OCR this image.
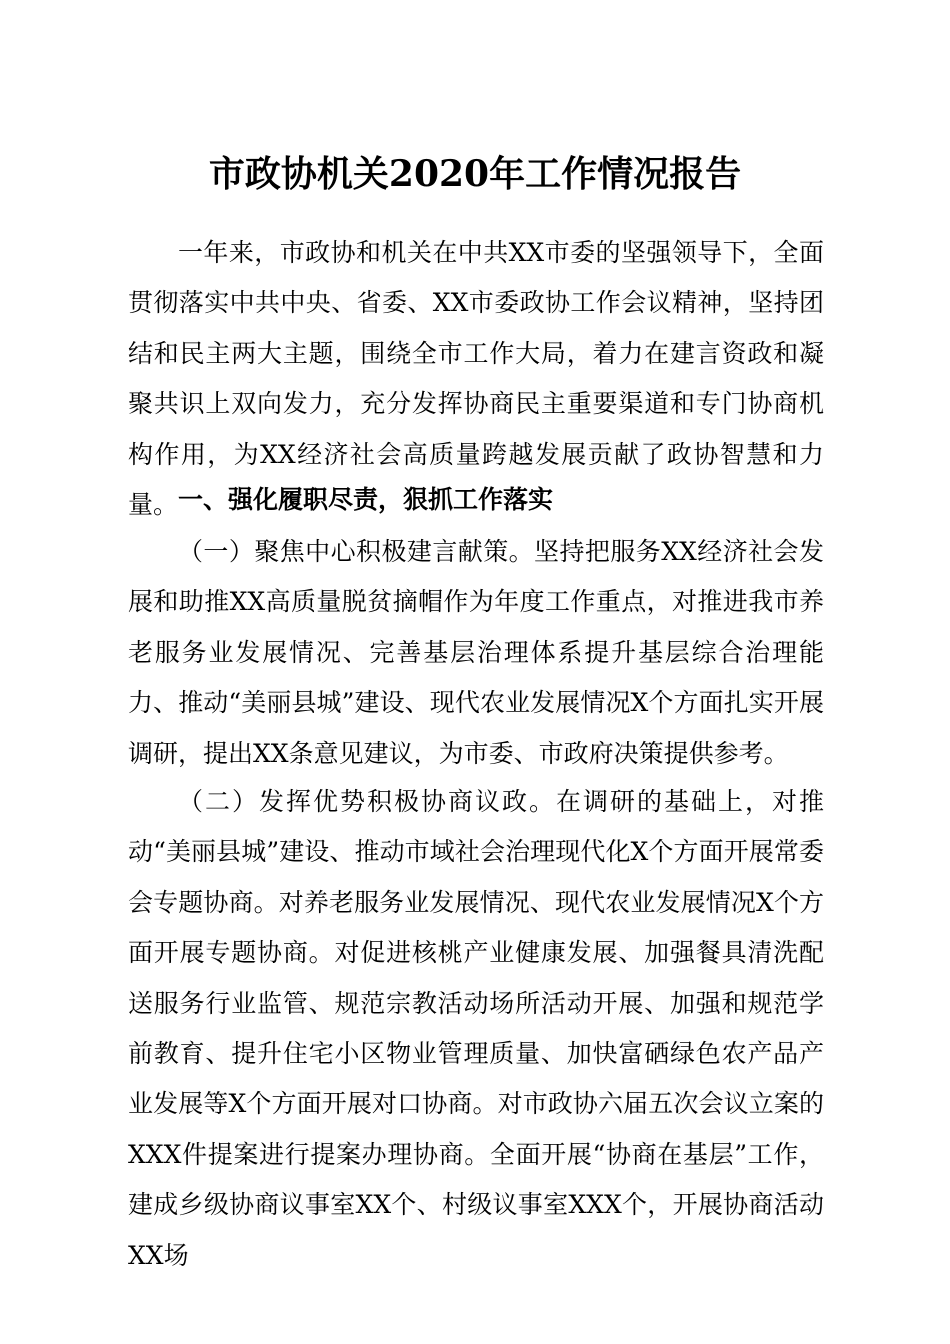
市政协机关2020年工作情况报告

一年来，市政协和机关在中共XX市委的坚强领导下，全面贯彻落实中共中央、省委、XX市委政协工作会议精神，坚持团结和民主两大主题，围绕全市工作大局，着力在建言资政和凝聚共识上双向发力，充分发挥协商民主重要渠道和专门协商机构作用，为XX经济社会高质量跨越发展贡献了政协智慧和力量。 一、强化履职尽责，狠抓工作落实

（一）聚焦中心积极建言献策。坚持把服务XX经济社会发展和助推XX高质量脱贫摘帽作为年度工作重点，对推进我市养老服务业发展情况、完善基层治理体系提升基层综合治理能力、推动“美丽县城”建设、现代农业发展情况X个方面扎实开展调研，提出XX条意见建议，为市委、市政府决策提供参考。

（二）发挥优势积极协商议政。在调研的基础上，对推动“美丽县城”建设、推动市域社会治理现代化X个方面开展常委会专题协商。对养老服务业发展情况、现代农业发展情况X个方面开展专题协商。对促进核桃产业健康发展、加强餐具清洗配送服务行业监管、规范宗教活动场所活动开展、加强和规范学前教育、提升住宅小区物业管理质量、加快富硒绿色农产品产业发展等X个方面开展对口协商。对市政协六届五次会议立案的XXX件提案进行提案办理协商。全面开展“协商在基层”工作，建成乡级协商议事室XX个、村级议事室XXX个，开展协商活动XX场
